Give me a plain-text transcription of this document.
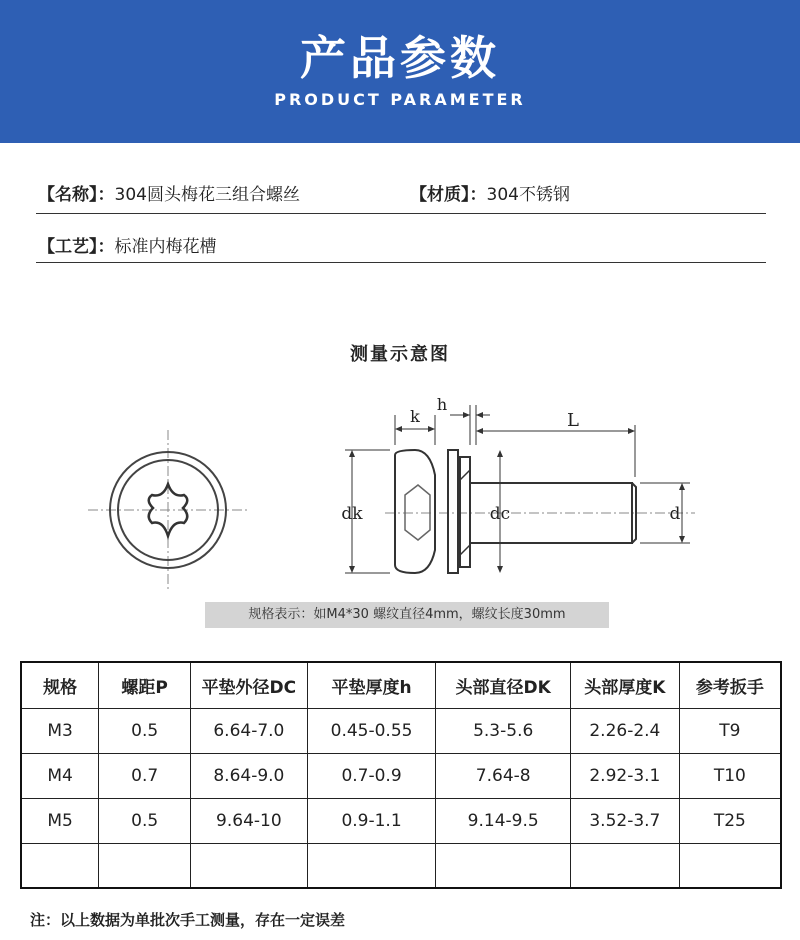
产品参数
PRODUCT PARAMETER
【名称】：304圆头梅花三组合螺丝	【材质】：304不锈钢
【工艺】：标准内梅花槽
测量示意图
k
h
L
dk	dc	d
规格表示：如M4*30 螺纹直径4mm，螺纹长度30mm
规格	螺距P	平垫外径DC	平垫厚度h	头部直径DK	头部厚度K	参考扳手
M3	0.5	6.64-7.0	0.45-0.55	5.3-5.6	2.26-2.4	T9
M4	0.7	8.64-9.0	0.7-0.9	7.64-8	2.92-3.1	T10
M5	0.5	9.64-10	0.9-1.1	9.14-9.5	3.52-3.7	T25

注：以上数据为单批次手工测量，存在一定误差
